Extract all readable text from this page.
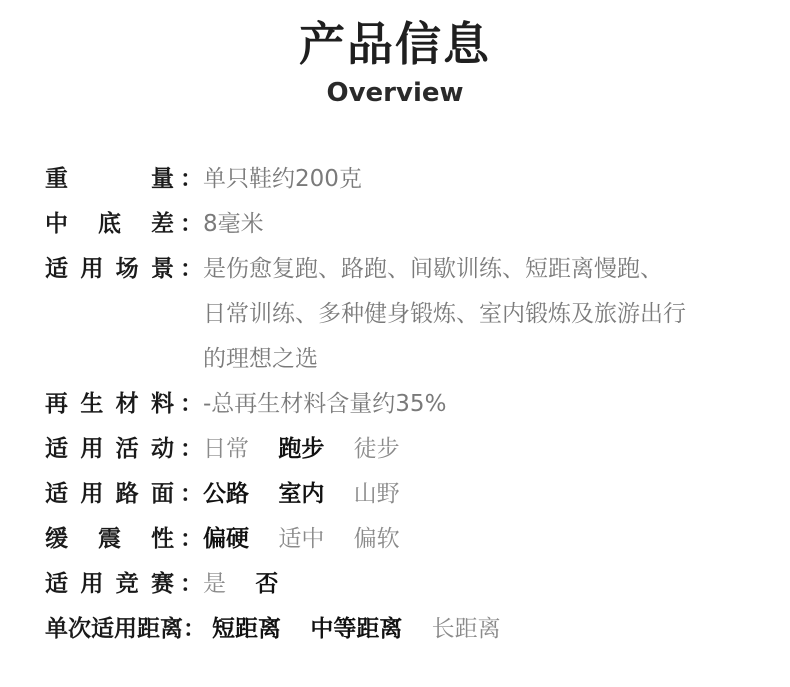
产品信息
Overview
重	量 ： 单只鞋约200克
中 底 差 ： 8毫米
适 用 场 景 ： 是伤愈复跑、路跑、间歇训练、短距离慢跑、
日常训练、多种健身锻炼、室内锻炼及旅游出行
的理想之选
再 生 材 料 ： -总再生材料含量约35%
适 用 活 动 ： 日常 跑步 徒步
适 用 路 面 ： 公路 室内 山野
缓 震 性 ： 偏硬 适中 偏软
适 用 竞 赛 ： 是 否
单次适用距离 ： 短距离 中等距离 长距离
